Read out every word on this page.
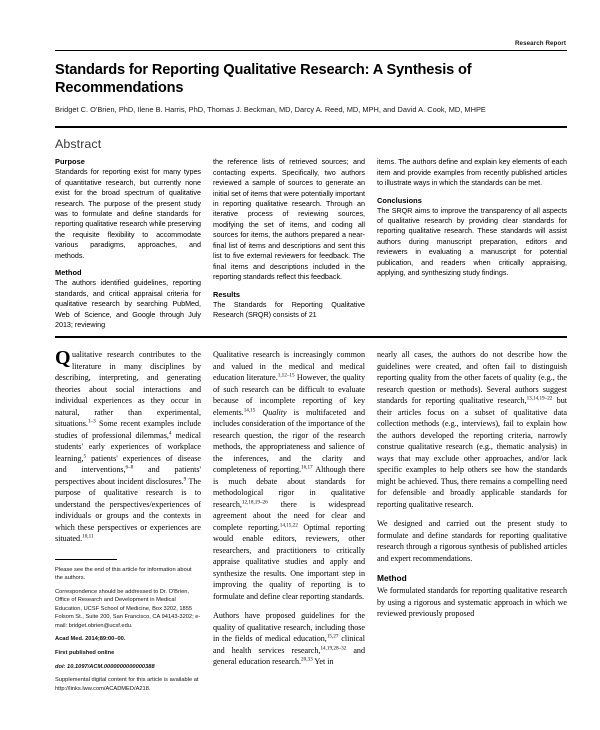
Research Report
Standards for Reporting Qualitative Research: A Synthesis of Recommendations

Bridget C. O'Brien, PhD, Ilene B. Harris, PhD, Thomas J. Beckman, MD, Darcy A. Reed, MD, MPH, and David A. Cook, MD, MHPE

Abstract
Purpose

Standards for reporting exist for many types of quantitative research, but currently none exist for the broad spectrum of qualitative research. The purpose of the present study was to formulate and define standards for reporting qualitative research while preserving the requisite flexibility to accommodate various paradigms, approaches, and methods.

Method

The authors identified guidelines, reporting standards, and critical appraisal criteria for qualitative research by searching PubMed, Web of Science, and Google through July 2013; reviewing

the reference lists of retrieved sources; and contacting experts. Specifically, two authors reviewed a sample of sources to generate an initial set of items that were potentially important in reporting qualitative research. Through an iterative process of reviewing sources, modifying the set of items, and coding all sources for items, the authors prepared a near-final list of items and descriptions and sent this list to five external reviewers for feedback. The final items and descriptions included in the reporting standards reflect this feedback.

Results

The Standards for Reporting Qualitative Research (SRQR) consists of 21

items. The authors define and explain key elements of each item and provide examples from recently published articles to illustrate ways in which the standards can be met.

Conclusions

The SRQR aims to improve the transparency of all aspects of qualitative research by providing clear standards for reporting qualitative research. These standards will assist authors during manuscript preparation, editors and reviewers in evaluating a manuscript for potential publication, and readers when critically appraising, applying, and synthesizing study findings.

Qualitative research contributes to the literature in many disciplines by describing, interpreting, and generating theories about social interactions and individual experiences as they occur in natural, rather than experimental, situations.$^{1-3}$ Some recent examples include studies of professional dilemmas,$^4$ medical students' early experiences of workplace learning,$^5$ patients' experiences of disease and interventions,$^{6-8}$ and patients' perspectives about incident disclosures.$^9$ The purpose of qualitative research is to understand the perspectives/experiences of individuals or groups and the contexts in which these perspectives or experiences are situated.$^{10,11}$

Please see the end of this article for information about the authors.

Correspondence should be addressed to Dr. O'Brien, Office of Research and Development in Medical Education, UCSF School of Medicine, Box 3202, 1855 Folsom St., Suite 200, San Francisco, CA 94143-3202; e-mail: bridget.obrien@ucsf.edu.

Acad Med. 2014;89:00–00.

First published online

doi: 10.1097/ACM.0000000000000388

Supplemental digital content for this article is available at http://links.lww.com/ACADMED/A218.

Qualitative research is increasingly common and valued in the medical and medical education literature.$^{1,12-15}$ However, the quality of such research can be difficult to evaluate because of incomplete reporting of key elements.$^{14,15}$ Quality is multifaceted and includes consideration of the importance of the research question, the rigor of the research methods, the appropriateness and salience of the inferences, and the clarity and completeness of reporting.$^{16,17}$ Although there is much debate about standards for methodological rigor in qualitative research,$^{12,18,19-26}$ there is widespread agreement about the need for clear and complete reporting.$^{14,15,22}$ Optimal reporting would enable editors, reviewers, other researchers, and practitioners to critically appraise qualitative studies and apply and synthesize the results. One important step in improving the quality of reporting is to formulate and define clear reporting standards.

Authors have proposed guidelines for the quality of qualitative research, including those in the fields of medical education,$^{15,27}$ clinical and health services research,$^{14,19,28-32}$ and general education research.$^{20,33}$ Yet in

nearly all cases, the authors do not describe how the guidelines were created, and often fail to distinguish reporting quality from the other facets of quality (e.g., the research question or methods). Several authors suggest standards for reporting qualitative research,$^{13,14,19-22}$ but their articles focus on a subset of qualitative data collection methods (e.g., interviews), fail to explain how the authors developed the reporting criteria, narrowly construe qualitative research (e.g., thematic analysis) in ways that may exclude other approaches, and/or lack specific examples to help others see how the standards might be achieved. Thus, there remains a compelling need for defensible and broadly applicable standards for reporting qualitative research.

We designed and carried out the present study to formulate and define standards for reporting qualitative research through a rigorous synthesis of published articles and expert recommendations.

Method

We formulated standards for reporting qualitative research by using a rigorous and systematic approach in which we reviewed previously proposed
